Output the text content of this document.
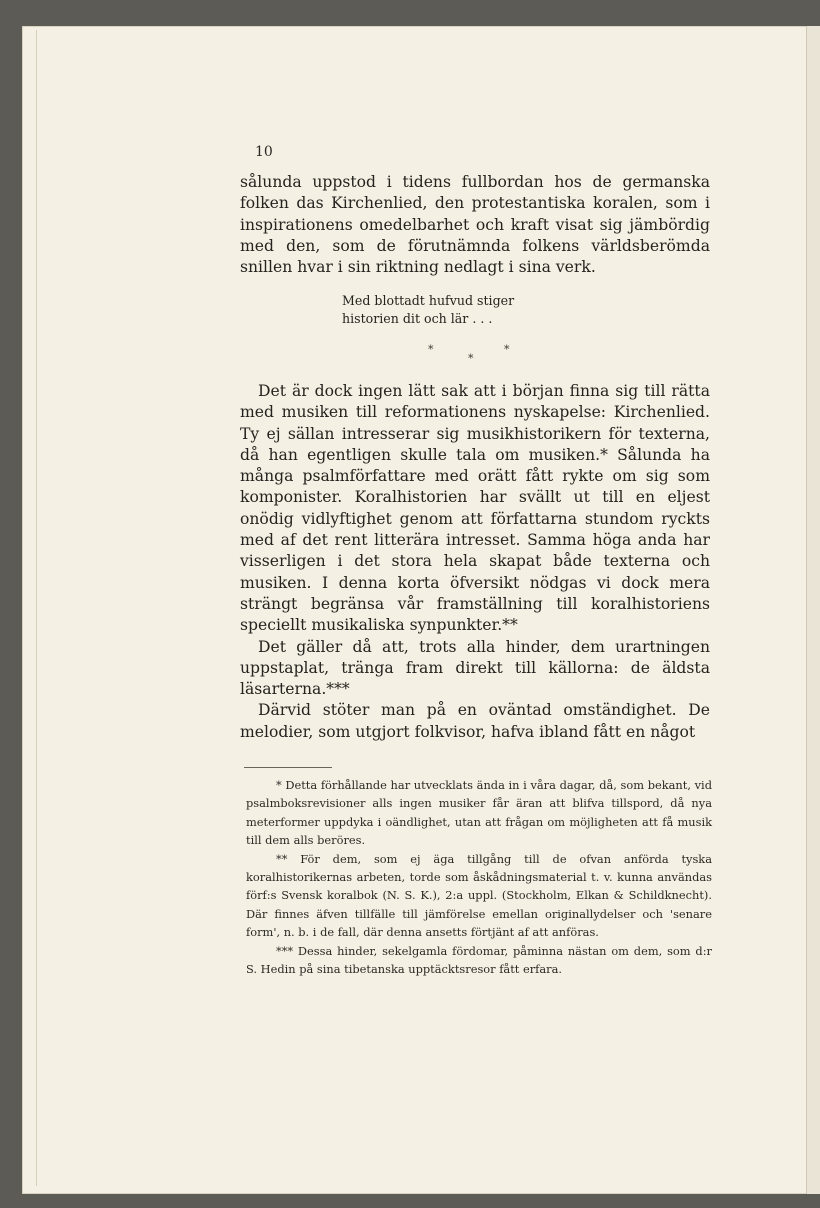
10

sålunda uppstod i tidens fullbordan hos de germanska folken das Kirchenlied, den protestantiska koralen, som i inspirationens omedelbarhet och kraft visat sig jämbördig med den, som de förutnämnda folkens världsberömda snillen hvar i sin riktning nedlagt i sina verk.

Med blottadt hufvud stiger
historien dit och lär . . .
*	*
*

Det är dock ingen lätt sak att i början finna sig till rätta med musiken till reformationens nyskapelse: Kirchenlied. Ty ej sällan intresserar sig musikhistorikern för texterna, då han egentligen skulle tala om musiken.* Sålunda ha många psalmförfattare med orätt fått rykte om sig som komponister. Koralhistorien har svällt ut till en eljest onödig vidlyftighet genom att författarna stundom ryckts med af det rent litterära intresset. Samma höga anda har visserligen i det stora hela skapat både texterna och musiken. I denna korta öfversikt nödgas vi dock mera strängt begränsa vår framställning till koralhistoriens speciellt musikaliska synpunkter.**

Det gäller då att, trots alla hinder, dem urartningen uppstaplat, tränga fram direkt till källorna: de äldsta läsarterna.***

Därvid stöter man på en oväntad omständighet. De melodier, som utgjort folkvisor, hafva ibland fått en något

* Detta förhållande har utvecklats ända in i våra dagar, då, som bekant, vid psalmboksrevisioner alls ingen musiker får äran att blifva tillspord, då nya meterformer uppdyka i oändlighet, utan att frågan om möjligheten att få musik till dem alls beröres.

** För dem, som ej äga tillgång till de ofvan anförda tyska koralhistorikernas arbeten, torde som åskådningsmaterial t. v. kunna användas förf:s Svensk koralbok (N. S. K.), 2:a uppl. (Stockholm, Elkan & Schildknecht). Där finnes äfven tillfälle till jämförelse emellan originallydelser och 'senare form', n. b. i de fall, där denna ansetts förtjänt af att anföras.

*** Dessa hinder, sekelgamla fördomar, påminna nästan om dem, som d:r S. Hedin på sina tibetanska upptäcktsresor fått erfara.
